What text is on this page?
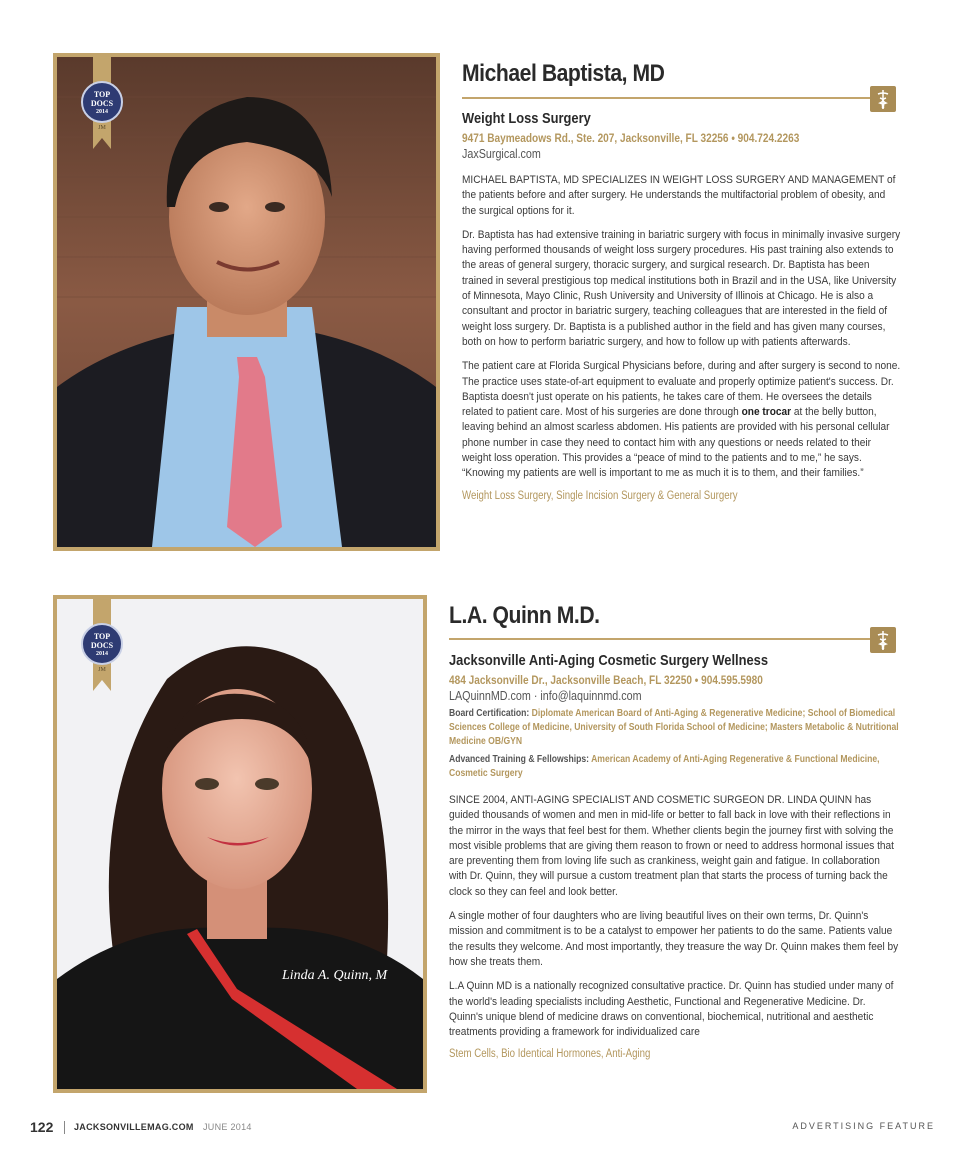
TOP
DOCS

2014
JM
Michael Baptista, MD
Weight Loss Surgery
9471 Baymeadows Rd., Ste. 207, Jacksonville, FL 32256 • 904.724.2263
JaxSurgical.com

MICHAEL BAPTISTA, MD SPECIALIZES IN WEIGHT LOSS SURGERY AND MANAGEMENT of the patients before and after surgery. He understands the multifactorial problem of obesity, and the surgical options for it.

Dr. Baptista has had extensive training in bariatric surgery with focus in minimally invasive surgery having performed thousands of weight loss surgery procedures. His past training also extends to the areas of general surgery, thoracic surgery, and surgical research. Dr. Baptista has been trained in several prestigious top medical institutions both in Brazil and in the USA, like University of Minnesota, Mayo Clinic, Rush University and University of Illinois at Chicago. He is also a consultant and proctor in bariatric surgery, teaching colleagues that are interested in the field of weight loss surgery. Dr. Baptista is a published author in the field and has given many courses, both on how to perform bariatric surgery, and how to follow up with patients afterwards.

The patient care at Florida Surgical Physicians before, during and after surgery is second to none. The practice uses state-of-art equipment to evaluate and properly optimize patient's success. Dr. Baptista doesn't just operate on his patients, he takes care of them. He oversees the details related to patient care. Most of his surgeries are done through one trocar at the belly button, leaving behind an almost scarless abdomen. His patients are provided with his personal cellular phone number in case they need to contact him with any questions or needs related to their weight loss operation. This provides a “peace of mind to the patients and to me,” he says. “Knowing my patients are well is important to me as much it is to them, and their families.”

Weight Loss Surgery, Single Incision Surgery & General Surgery
Linda A. Quinn, M
TOP
DOCS

2014
JM
L.A. Quinn M.D.
Jacksonville Anti-Aging Cosmetic Surgery Wellness
484 Jacksonville Dr., Jacksonville Beach, FL 32250 • 904.595.5980
LAQuinnMD.com · info@laquinnmd.com
Board Certification: Diplomate American Board of Anti-Aging & Regenerative Medicine; School of Biomedical Sciences College of Medicine, University of South Florida School of Medicine; Masters Metabolic & Nutritional Medicine OB/GYN
Advanced Training & Fellowships: American Academy of Anti-Aging Regenerative & Functional Medicine, Cosmetic Surgery

SINCE 2004, ANTI-AGING SPECIALIST AND COSMETIC SURGEON DR. LINDA QUINN has guided thousands of women and men in mid-life or better to fall back in love with their reflections in the mirror in the ways that feel best for them. Whether clients begin the journey first with solving the most visible problems that are giving them reason to frown or need to address hormonal issues that are preventing them from loving life such as crankiness, weight gain and fatigue. In collaboration with Dr. Quinn, they will pursue a custom treatment plan that starts the process of turning back the clock so they can feel and look better.

A single mother of four daughters who are living beautiful lives on their own terms, Dr. Quinn's mission and commitment is to be a catalyst to empower her patients to do the same. Patients value the results they welcome. And most importantly, they treasure the way Dr. Quinn makes them feel by how she treats them.

L.A Quinn MD is a nationally recognized consultative practice. Dr. Quinn has studied under many of the world's leading specialists including Aesthetic, Functional and Regenerative Medicine. Dr. Quinn's unique blend of medicine draws on conventional, biochemical, nutritional and aesthetic treatments providing a framework for individualized care

Stem Cells, Bio Identical Hormones, Anti-Aging
122 JACKSONVILLEMAG.COM JUNE 2014	ADVERTISING FEATURE
